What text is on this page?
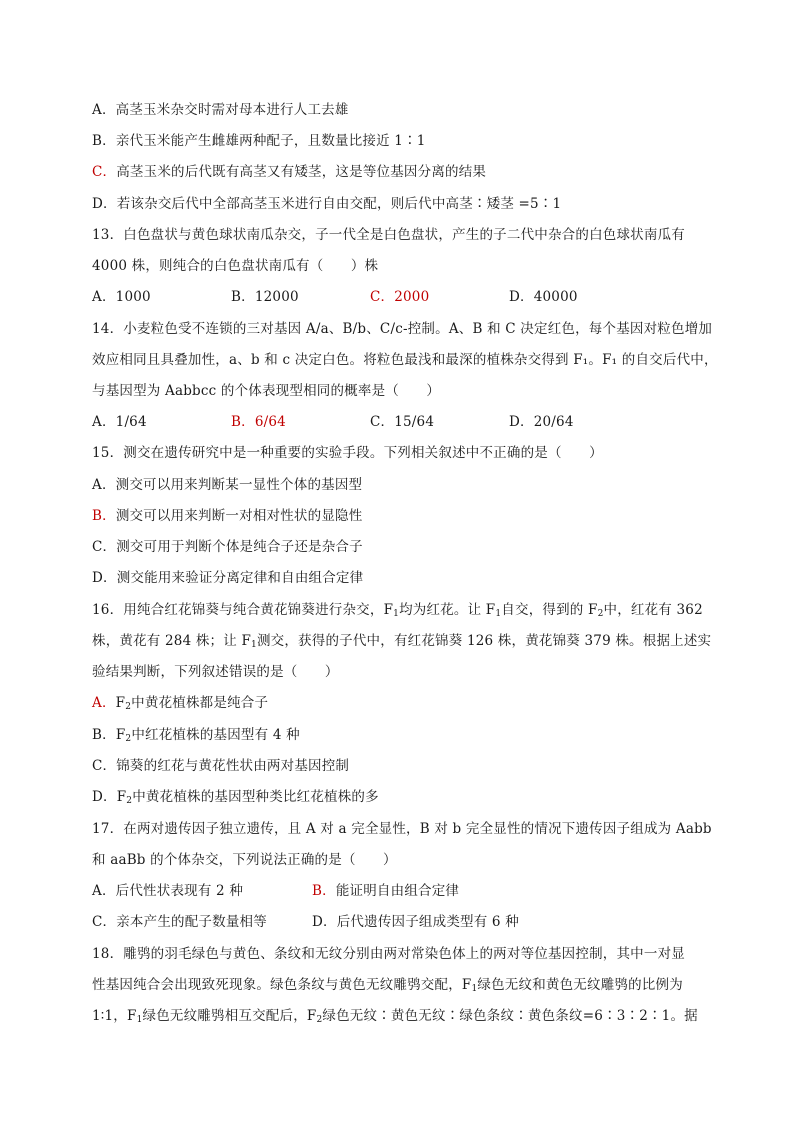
A．高茎玉米杂交时需对母本进行人工去雄
B．亲代玉米能产生雌雄两种配子，且数量比接近 1∶1
C．高茎玉米的后代既有高茎又有矮茎，这是等位基因分离的结果
D．若该杂交后代中全部高茎玉米进行自由交配，则后代中高茎∶矮茎 =5∶1
13．白色盘状与黄色球状南瓜杂交，子一代全是白色盘状，产生的子二代中杂合的白色球状南瓜有
4000 株，则纯合的白色盘状南瓜有（　　）株
A．1000	B．12000	C．2000	D．40000
14．小麦粒色受不连锁的三对基因 A/a、B/b、C/c-控制。A、B 和 C 决定红色，每个基因对粒色增加
效应相同且具叠加性，a、b 和 c 决定白色。将粒色最浅和最深的植株杂交得到 F₁。F₁ 的自交后代中，
与基因型为 Aabbcc 的个体表现型相同的概率是（　　）
A．1/64	B．6/64	C．15/64	D．20/64
15．测交在遗传研究中是一种重要的实验手段。下列相关叙述中不正确的是（　　）
A．测交可以用来判断某一显性个体的基因型
B．测交可以用来判断一对相对性状的显隐性
C．测交可用于判断个体是纯合子还是杂合子
D．测交能用来验证分离定律和自由组合定律
16．用纯合红花锦葵与纯合黄花锦葵进行杂交，$F_1$均为红花。让 $F_1$自交，得到的 $F_2$中，红花有 362
株，黄花有 284 株；让 $F_1$测交，获得的子代中，有红花锦葵 126 株，黄花锦葵 379 株。根据上述实
验结果判断，下列叙述错误的是（　　）
A．$F_2$中黄花植株都是纯合子
B．$F_2$中红花植株的基因型有 4 种
C．锦葵的红花与黄花性状由两对基因控制
D．$F_2$中黄花植株的基因型种类比红花植株的多
17．在两对遗传因子独立遗传，且 A 对 a 完全显性，B 对 b 完全显性的情况下遗传因子组成为 Aabb
和 aaBb 的个体杂交，下列说法正确的是（　　）
A．后代性状表现有 2 种	B．能证明自由组合定律
C．亲本产生的配子数量相等	D．后代遗传因子组成类型有 6 种
18．雕鸮的羽毛绿色与黄色、条纹和无纹分别由两对常染色体上的两对等位基因控制，其中一对显
性基因纯合会出现致死现象。绿色条纹与黄色无纹雕鸮交配，$F_1$绿色无纹和黄色无纹雕鸮的比例为
1∶1，$F_1$绿色无纹雕鸮相互交配后，$F_2$绿色无纹∶黄色无纹∶绿色条纹∶黄色条纹=6∶3∶2∶1。据
